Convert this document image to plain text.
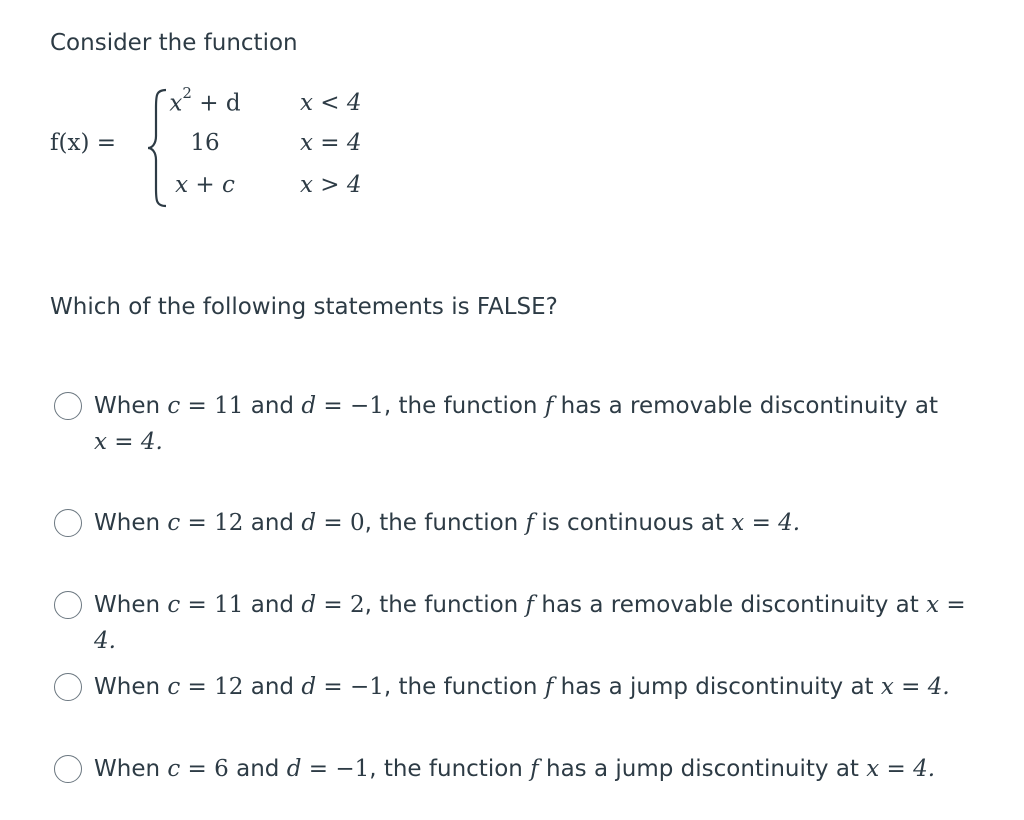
Consider the function
f(x) =
$x^2 + d$	x < 4
16	x = 4
x + c	x > 4
Which of the following statements is FALSE?
When c = 11 and d = −1, the function f has a removable discontinuity at
x = 4.
When c = 12 and d = 0, the function f is continuous at x = 4.
When c = 11 and d = 2, the function f has a removable discontinuity at x = 4.
When c = 12 and d = −1, the function f has a jump discontinuity at x = 4.
When c = 6 and d = −1, the function f has a jump discontinuity at x = 4.
